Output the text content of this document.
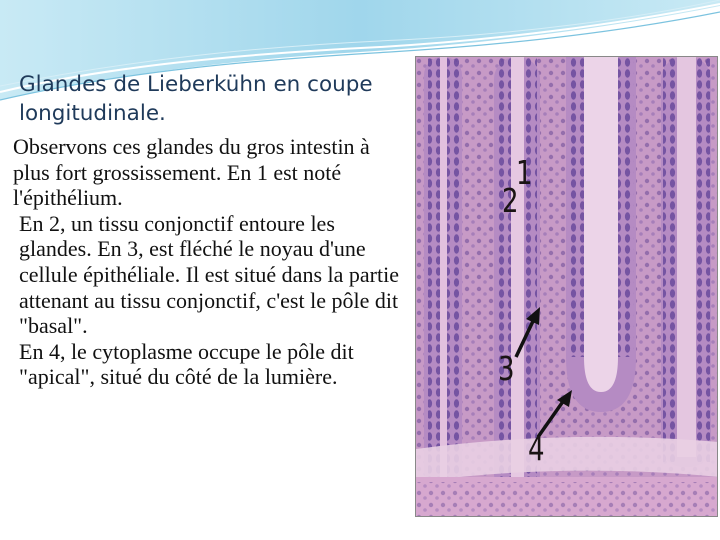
Glandes de Lieberkühn en coupe longitudinale.

Observons ces glandes du gros intestin à plus fort grossissement. En 1 est noté l'épithélium.
En 2, un tissu conjonctif entoure les glandes. En 3, est fléché le noyau d'une cellule épithéliale. Il est situé dans la partie attenant au tissu conjonctif, c'est le pôle dit "basal".
En 4, le cytoplasme occupe le pôle dit "apical", situé du côté de la lumière.

1
2
3
4
